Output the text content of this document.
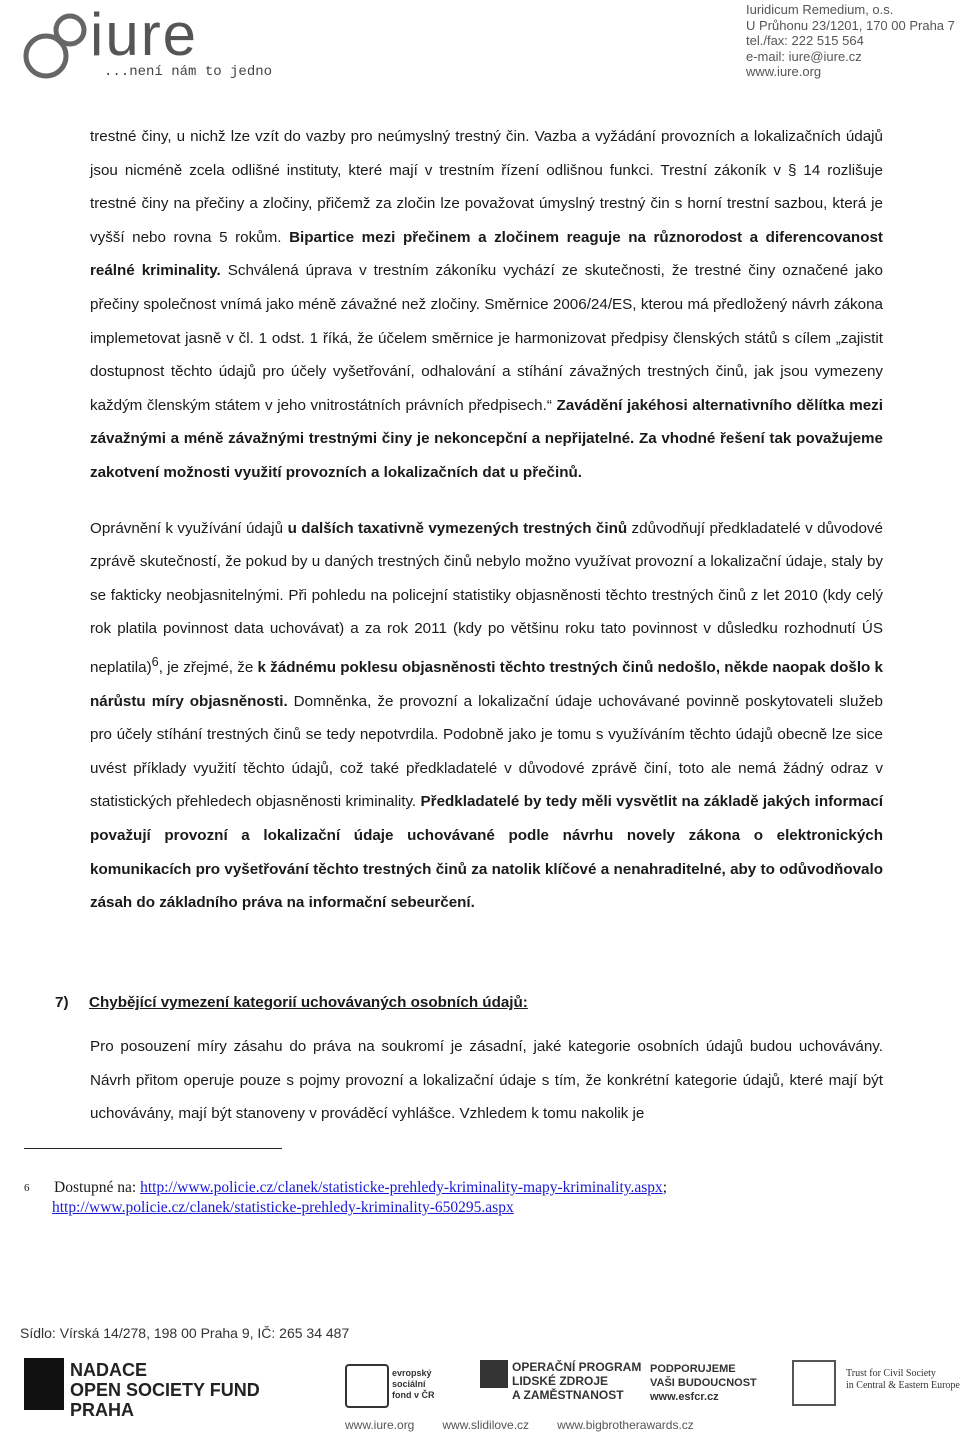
iure
...není nám to jedno
Iuridicum Remedium, o.s.
U Průhonu 23/1201, 170 00 Praha 7
tel./fax: 222 515 564
e-mail: iure@iure.cz
www.iure.org

trestné činy, u nichž lze vzít do vazby pro neúmyslný trestný čin. Vazba a vyžádání provozních a lokalizačních údajů jsou nicméně zcela odlišné instituty, které mají v trestním řízení odlišnou funkci. Trestní zákoník v § 14 rozlišuje trestné činy na přečiny a zločiny, přičemž za zločin lze považovat úmyslný trestný čin s horní trestní sazbou, která je vyšší nebo rovna 5 rokům. Bipartice mezi přečinem a zločinem reaguje na různorodost a diferencovanost reálné kriminality. Schválená úprava v trestním zákoníku vychází ze skutečnosti, že trestné činy označené jako přečiny společnost vnímá jako méně závažné než zločiny. Směrnice 2006/24/ES, kterou má předložený návrh zákona implemetovat jasně v čl. 1 odst. 1 říká, že účelem směrnice je harmonizovat předpisy členských států s cílem „zajistit dostupnost těchto údajů pro účely vyšetřování, odhalování a stíhání závažných trestných činů, jak jsou vymezeny každým členským státem v jeho vnitrostátních právních předpisech.“ Zavádění jakéhosi alternativního dělítka mezi závažnými a méně závažnými trestnými činy je nekoncepční a nepřijatelné. Za vhodné řešení tak považujeme zakotvení možnosti využití provozních a lokalizačních dat u přečinů.

Oprávnění k využívání údajů u dalších taxativně vymezených trestných činů zdůvodňují předkladatelé v důvodové zprávě skutečností, že pokud by u daných trestných činů nebylo možno využívat provozní a lokalizační údaje, staly by se fakticky neobjasnitelnými. Při pohledu na policejní statistiky objasněnosti těchto trestných činů z let 2010 (kdy celý rok platila povinnost data uchovávat) a za rok 2011 (kdy po většinu roku tato povinnost v důsledku rozhodnutí ÚS neplatila)$^6$, je zřejmé, že k žádnému poklesu objasněnosti těchto trestných činů nedošlo, někde naopak došlo k nárůstu míry objasněnosti. Domněnka, že provozní a lokalizační údaje uchovávané povinně poskytovateli služeb pro účely stíhání trestných činů se tedy nepotvrdila. Podobně jako je tomu s využíváním těchto údajů obecně lze sice uvést příklady využití těchto údajů, což také předkladatelé v důvodové zprávě činí, toto ale nemá žádný odraz v statistických přehledech objasněnosti kriminality. Předkladatelé by tedy měli vysvětlit na základě jakých informací považují provozní a lokalizační údaje uchovávané podle návrhu novely zákona o elektronických komunikacích pro vyšetřování těchto trestných činů za natolik klíčové a nenahraditelné, aby to odůvodňovalo zásah do základního práva na informační sebeurčení.

7) Chybějící vymezení kategorií uchovávaných osobních údajů:
Pro posouzení míry zásahu do práva na soukromí je zásadní, jaké kategorie osobních údajů budou uchovávány. Návrh přitom operuje pouze s pojmy provozní a lokalizační údaje s tím, že konkrétní kategorie údajů, které mají být uchovávány, mají být stanoveny v prováděcí vyhlášce. Vzhledem k tomu nakolik je
6 Dostupné na: http://www.policie.cz/clanek/statisticke-prehledy-kriminality-mapy-kriminality.aspx;
http://www.policie.cz/clanek/statisticke-prehledy-kriminality-650295.aspx
Sídlo: Vírská 14/278, 198 00 Praha 9, IČ: 265 34 487
NADACE
OPEN SOCIETY FUND
PRAHA
evropský
sociální
fond v ČR
OPERAČNÍ PROGRAM
LIDSKÉ ZDROJE
A ZAMĚSTNANOST
PODPORUJEME
VAŠI BUDOUCNOST
www.esfcr.cz
Trust for Civil Society
in Central & Eastern Europe
www.iure.org www.slidilove.cz www.bigbrotherawards.cz
